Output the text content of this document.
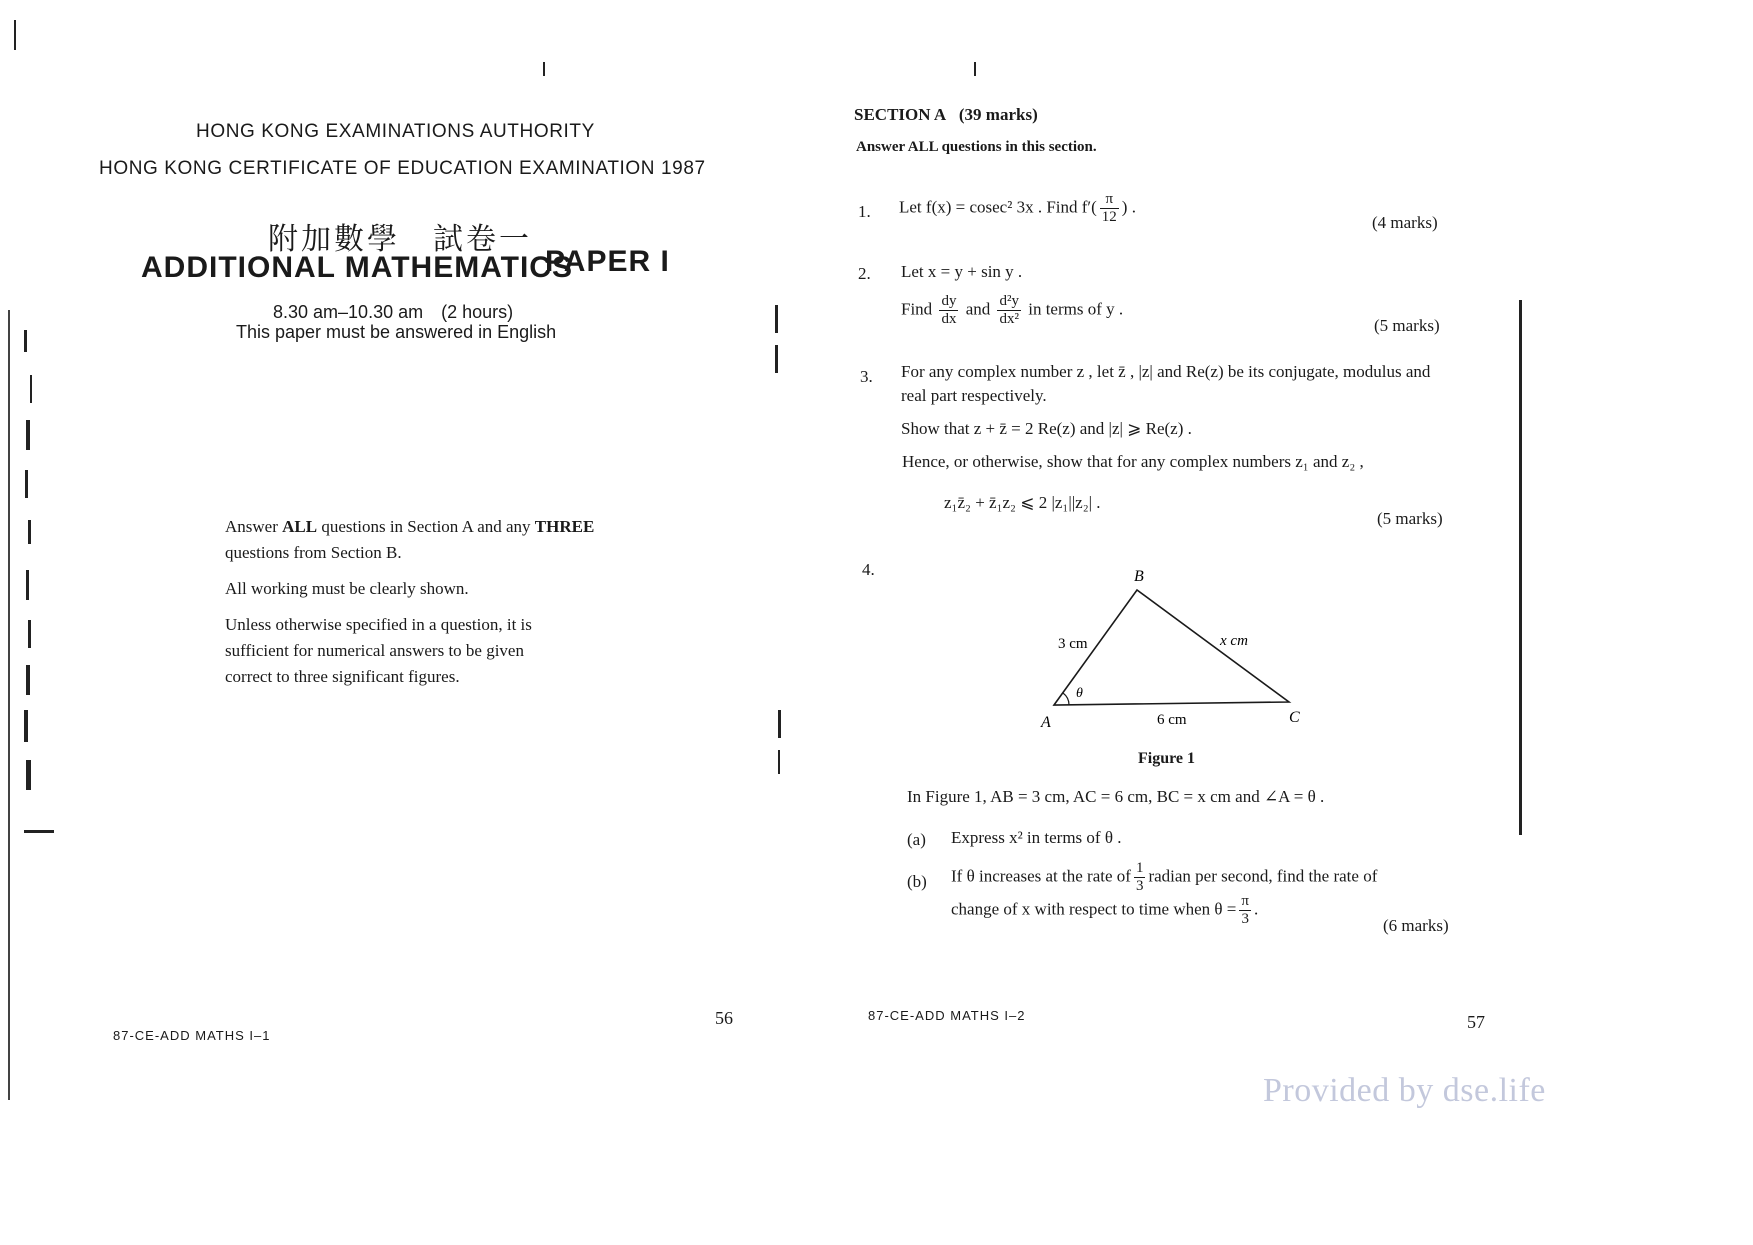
HONG KONG EXAMINATIONS AUTHORITY
HONG KONG CERTIFICATE OF EDUCATION EXAMINATION 1987
附加數學　試卷一
ADDITIONAL MATHEMATICS
PAPER I
8.30 am–10.30 am　(2 hours)
This paper must be answered in English
Answer ALL questions in Section A and any THREE questions from Section B.
All working must be clearly shown.
Unless otherwise specified in a question, it is sufficient for numerical answers to be given correct to three significant figures.
87-CE-ADD MATHS I–1
56
SECTION A (39 marks)
Answer ALL questions in this section.
1. Let f(x) = cosec² 3x . Find $f'( \frac{\pi}{12}$ ) .
(4 marks)
2. Let x = y + sin y .
Find $\frac{dy}{dx}$ and $\frac{\text{d²y}}{\text{dx²}}$ in terms of y .
(5 marks)
3. For any complex number z , let z̄ , |z| and Re(z) be its conjugate, modulus and real part respectively.
Show that z + z̄ = 2 Re(z) and |z| ⩾ Re(z) .
Hence, or otherwise, show that for any complex numbers z₁ and z₂ ,
z₁z̄₂ + z̄₁z₂ ⩽ 2 |z₁||z₂| .
(5 marks)
4.	B
A	C
3 cm	x cm
6 cm
θ
Figure 1
In Figure 1, AB = 3 cm, AC = 6 cm, BC = x cm and ∠A = θ .
(a) Express x² in terms of θ .
(b) If θ increases at the rate of $\frac{1}{3}$ radian per second, find the rate of
change of x with respect to time when $\theta = \frac{\pi}{3}$ .
(6 marks)
87-CE-ADD MATHS I–2	57
Provided by dse.life
